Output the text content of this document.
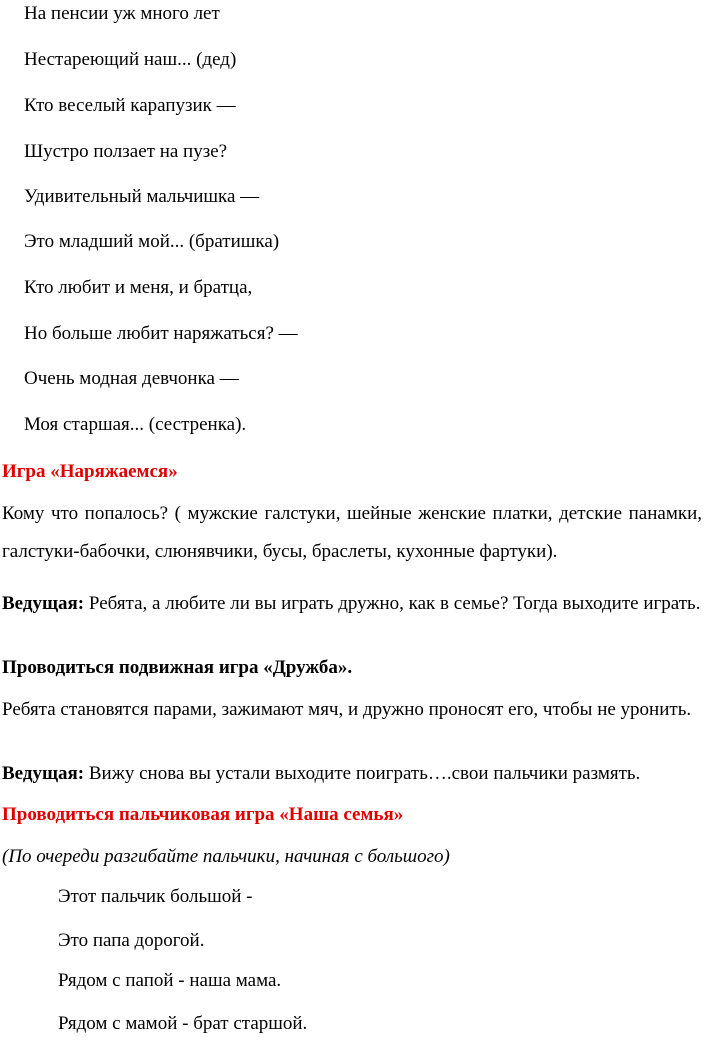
На пенсии уж много лет
Нестареющий наш... (дед)
Кто веселый карапузик —
Шустро ползает на пузе?
Удивительный мальчишка —
Это младший мой... (братишка)
Кто любит и меня, и братца,
Но больше любит наряжаться? —
Очень модная девчонка —
Моя старшая... (сестренка).
Игра «Наряжаемся»
Кому что попалось? ( мужские галстуки, шейные женские платки, детские панамки, галстуки-бабочки, слюнявчики, бусы, браслеты, кухонные фартуки).
Ведущая: Ребята, а любите ли вы играть дружно, как в семье? Тогда выходите играть.
Проводиться подвижная игра «Дружба».
Ребята становятся парами, зажимают мяч, и дружно проносят его, чтобы не уронить.
Ведущая: Вижу снова вы устали выходите поиграть….свои пальчики размять.
Проводиться пальчиковая игра «Наша семья»
(По очереди разгибайте пальчики, начиная с большого)
Этот пальчик большой -
Это папа дорогой.
Рядом с папой - наша мама.
Рядом с мамой - брат старшой.
